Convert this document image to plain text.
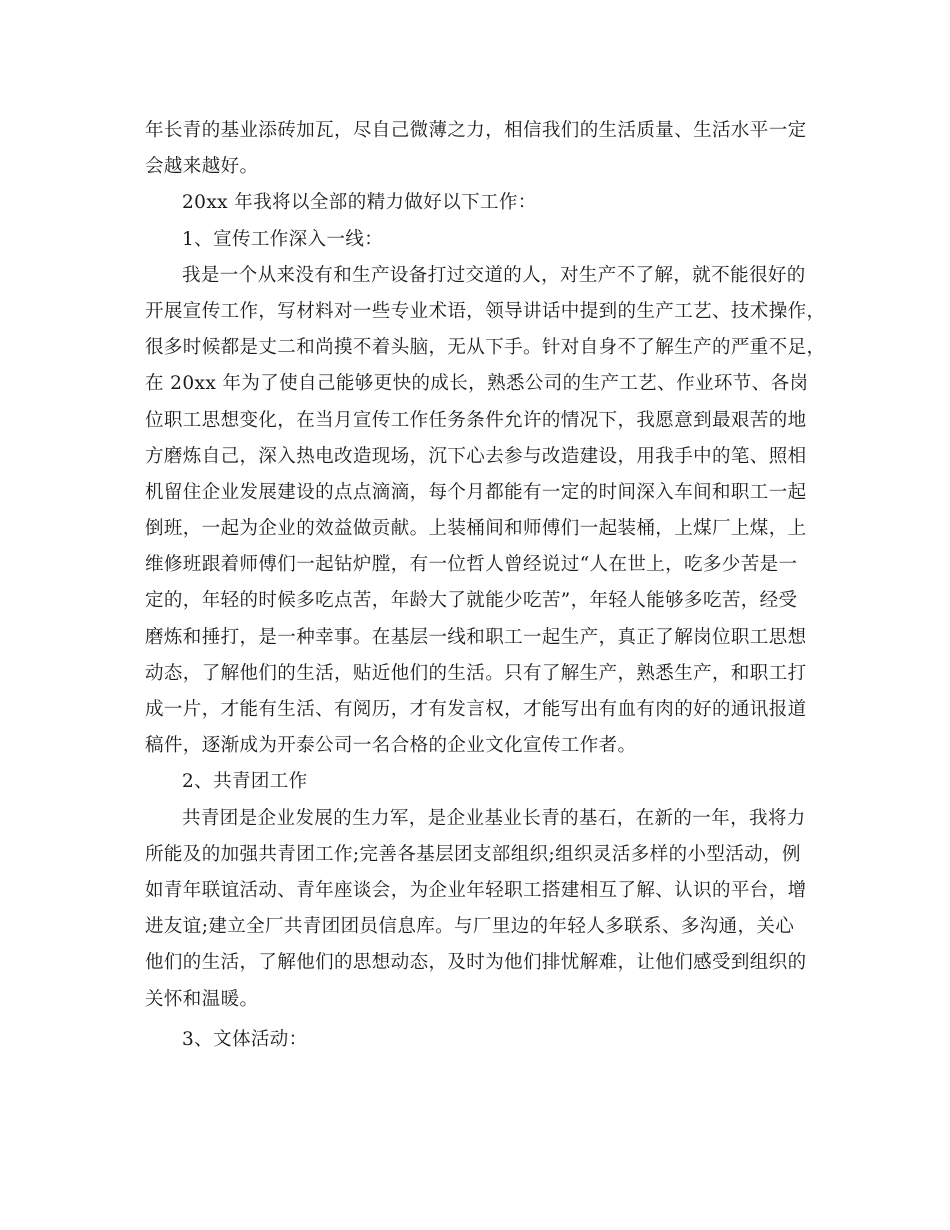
年长青的基业添砖加瓦，尽自己微薄之力，相信我们的生活质量、生活水平一定
会越来越好。
20xx 年我将以全部的精力做好以下工作：
1、宣传工作深入一线：
我是一个从来没有和生产设备打过交道的人，对生产不了解，就不能很好的
开展宣传工作，写材料对一些专业术语，领导讲话中提到的生产工艺、技术操作，
很多时候都是丈二和尚摸不着头脑，无从下手。针对自身不了解生产的严重不足，
在 20xx 年为了使自己能够更快的成长，熟悉公司的生产工艺、作业环节、各岗
位职工思想变化，在当月宣传工作任务条件允许的情况下，我愿意到最艰苦的地
方磨炼自己，深入热电改造现场，沉下心去参与改造建设，用我手中的笔、照相
机留住企业发展建设的点点滴滴，每个月都能有一定的时间深入车间和职工一起
倒班，一起为企业的效益做贡献。上装桶间和师傅们一起装桶，上煤厂上煤，上
维修班跟着师傅们一起钻炉膛，有一位哲人曾经说过“人在世上，吃多少苦是一
定的，年轻的时候多吃点苦，年龄大了就能少吃苦”，年轻人能够多吃苦，经受
磨炼和捶打，是一种幸事。在基层一线和职工一起生产，真正了解岗位职工思想
动态，了解他们的生活，贴近他们的生活。只有了解生产，熟悉生产，和职工打
成一片，才能有生活、有阅历，才有发言权，才能写出有血有肉的好的通讯报道
稿件，逐渐成为开泰公司一名合格的企业文化宣传工作者。
2、共青团工作
共青团是企业发展的生力军，是企业基业长青的基石，在新的一年，我将力
所能及的加强共青团工作;完善各基层团支部组织;组织灵活多样的小型活动，例
如青年联谊活动、青年座谈会，为企业年轻职工搭建相互了解、认识的平台，增
进友谊;建立全厂共青团团员信息库。与厂里边的年轻人多联系、多沟通，关心
他们的生活，了解他们的思想动态，及时为他们排忧解难，让他们感受到组织的
关怀和温暖。
3、文体活动：
